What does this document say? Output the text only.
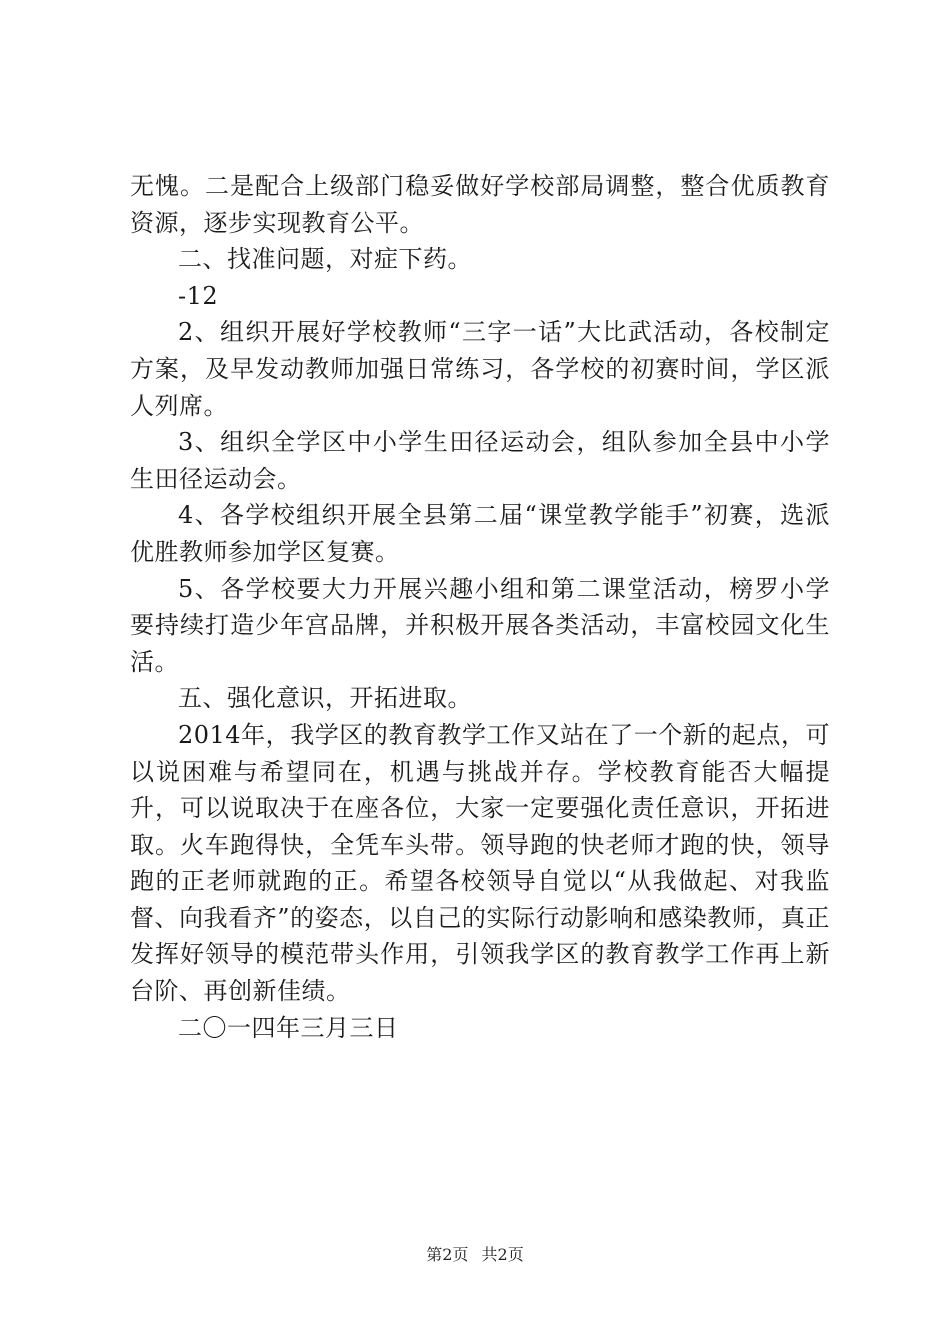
无愧。二是配合上级部门稳妥做好学校部局调整，整合优质教育资源，逐步实现教育公平。

二、找准问题，对症下药。

-12

2、组织开展好学校教师“三字一话”大比武活动，各校制定方案，及早发动教师加强日常练习，各学校的初赛时间，学区派人列席。

3、组织全学区中小学生田径运动会，组队参加全县中小学生田径运动会。

4、各学校组织开展全县第二届“课堂教学能手”初赛，选派优胜教师参加学区复赛。

5、各学校要大力开展兴趣小组和第二课堂活动，榜罗小学要持续打造少年宫品牌，并积极开展各类活动，丰富校园文化生活。

五、强化意识，开拓进取。

2014年，我学区的教育教学工作又站在了一个新的起点，可以说困难与希望同在，机遇与挑战并存。学校教育能否大幅提升，可以说取决于在座各位，大家一定要强化责任意识，开拓进取。火车跑得快，全凭车头带。领导跑的快老师才跑的快，领导跑的正老师就跑的正。希望各校领导自觉以“从我做起、对我监督、向我看齐”的姿态，以自己的实际行动影响和感染教师，真正发挥好领导的模范带头作用，引领我学区的教育教学工作再上新台阶、再创新佳绩。

二〇一四年三月三日

第2页 共2页
